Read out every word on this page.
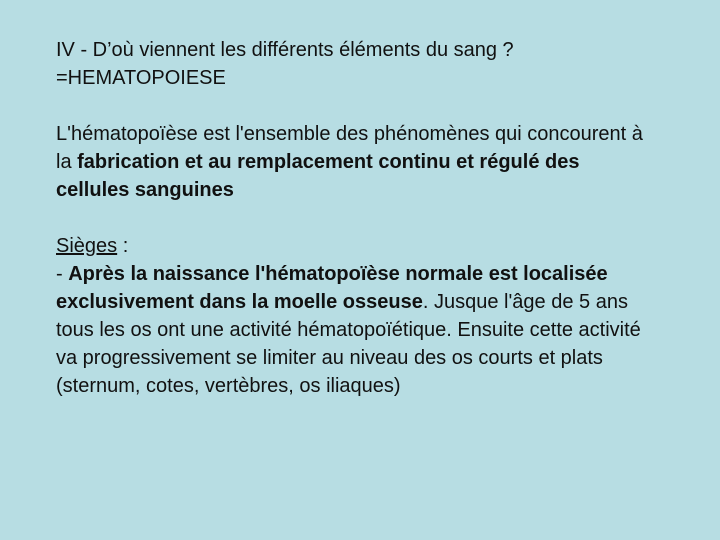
IV - D’où viennent les différents éléments du sang ?
=HEMATOPOIESE

L'hématopoïèse est l'ensemble des phénomènes qui concourent à la fabrication et au remplacement continu et régulé des cellules sanguines

Sièges :
- Après la naissance l'hématopoïèse normale est localisée exclusivement dans la moelle osseuse. Jusque l'âge de 5 ans tous les os ont une activité hématopoïétique. Ensuite cette activité va progressivement se limiter au niveau des os courts et plats (sternum, cotes, vertèbres, os iliaques)
